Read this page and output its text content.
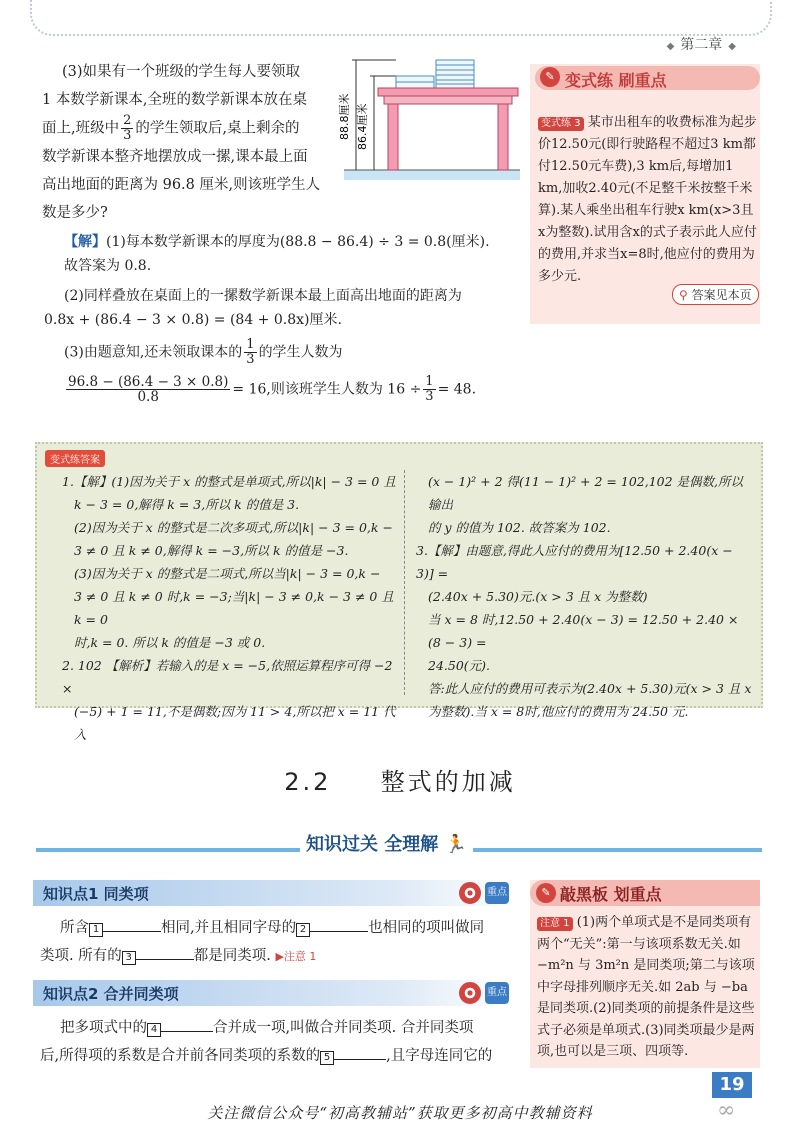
◆ 第二章 ◆
(3)如果有一个班级的学生每人要领取
1 本数学新课本,全班的数学新课本放在桌
面上,班级中 $\frac{2}{3}$ 的学生领取后,桌上剩余的
数学新课本整齐地摆放成一摞,课本最上面
高出地面的距离为 96.8 厘米,则该班学生人
数是多少?
88.8厘米 86.4厘米
【解】(1)每本数学新课本的厚度为(88.8 − 86.4) ÷ 3 = 0.8(厘米).
故答案为 0.8.
(2)同样叠放在桌面上的一摞数学新课本最上面高出地面的距离为
0.8x + (86.4 − 3 × 0.8) = (84 + 0.8x)厘米.
(3)由题意知,还未领取课本的 $\frac{1}{3}$ 的学生人数为
$\frac{96.8 - (86.4 - 3 \times 0.8)}{0.8} = 16$,则该班学生人数为 $16 \div \frac{1}{3} = 48$.
✎ 变式练 刷重点
变式练 3 某市出租车的收费标准为起步价12.50元(即行驶路程不超过3 km都付12.50元车费),3 km后,每增加1 km,加收2.40元(不足整千米按整千米算).某人乘坐出租车行驶x km(x>3且x为整数).试用含x的式子表示此人应付的费用,并求当x=8时,他应付的费用为多少元.
⚲ 答案见本页
变式练答案
1.【解】(1)因为关于 x 的整式是单项式,所以|k| − 3 = 0 且
k − 3 = 0,解得 k = 3,所以 k 的值是 3.
(2)因为关于 x 的整式是二次多项式,所以|k| − 3 = 0,k −
3 ≠ 0 且 k ≠ 0,解得 k = −3,所以 k 的值是 −3.
(3)因为关于 x 的整式是二项式,所以当|k| − 3 = 0,k −
3 ≠ 0 且 k ≠ 0 时,k = −3;当|k| − 3 ≠ 0,k − 3 ≠ 0 且 k = 0
时,k = 0. 所以 k 的值是 −3 或 0.
2. 102 【解析】若输入的是 x = −5,依照运算程序可得 −2 ×
(−5) + 1 = 11,不是偶数;因为 11 > 4,所以把 x = 11 代入
(x − 1)² + 2 得(11 − 1)² + 2 = 102,102 是偶数,所以输出
的 y 的值为 102. 故答案为 102.
3.【解】由题意,得此人应付的费用为[12.50 + 2.40(x − 3)] =
(2.40x + 5.30)元.(x > 3 且 x 为整数)
当 x = 8 时,12.50 + 2.40(x − 3) = 12.50 + 2.40 × (8 − 3) =
24.50(元).
答:此人应付的费用可表示为(2.40x + 5.30)元(x > 3 且 x
为整数).当 x = 8时,他应付的费用为 24.50 元.
2.2 整式的加减
知识过关 全理解 🏃
知识点1 同类项	重点
所含 1	相同,并且相同字母的 2	也相同的项叫做同
类项. 所有的 3	都是同类项. ▶注意 1
知识点2 合并同类项	重点
把多项式中的 4	合并成一项,叫做合并同类项. 合并同类项
后,所得项的系数是合并前各同类项的系数的 5	,且字母连同它的
✎ 敲黑板 划重点
注意 1 (1)两个单项式是不是同类项有两个“无关”:第一与该项系数无关.如 −m²n 与 3m²n 是同类项;第二与该项中字母排列顺序无关.如 2ab 与 −ba 是同类项.(2)同类项的前提条件是这些式子必须是单项式.(3)同类项最少是两项,也可以是三项、四项等.
19
∞
关注微信公众号“初高教辅站”获取更多初高中教辅资料
